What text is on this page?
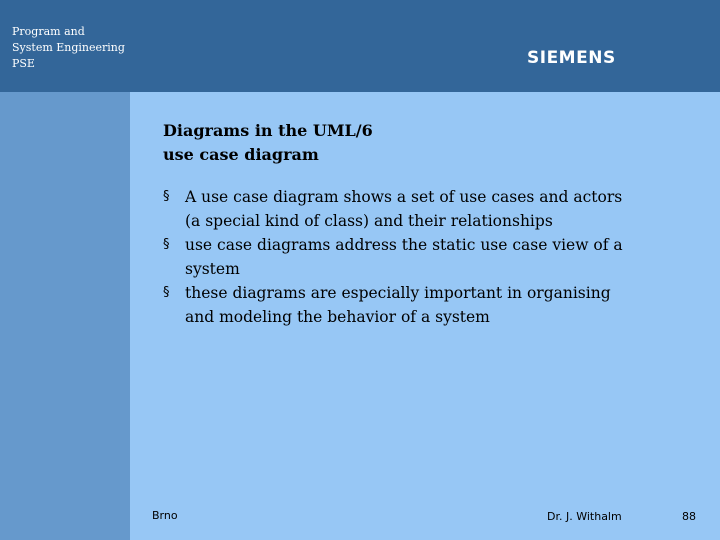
Program and
System Engineering
PSE	SIEMENS
Diagrams in the UML/6
use case diagram
§ A use case diagram shows a set of use cases and actors (a special kind of class) and their relationships
§ use case diagrams address the static use case view of a system
§ these diagrams are especially important in organising and modeling the behavior of a system
Brno	Dr. J. Withalm	88
